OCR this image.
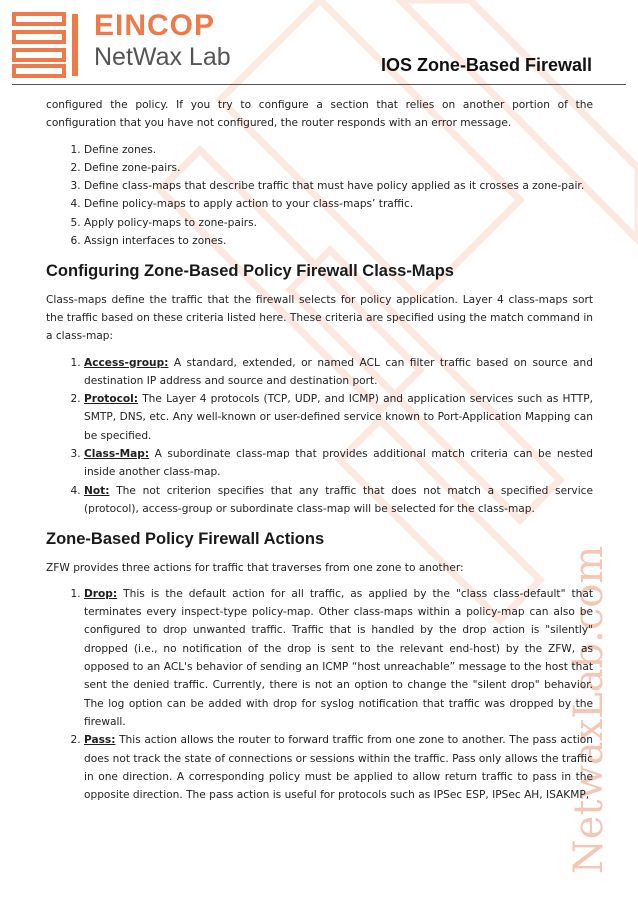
NetwaxLab.com
EINCOP
NetWax Lab	IOS Zone-Based Firewall

configured the policy. If you try to configure a section that relies on another portion of the configuration that you have not configured, the router responds with an error message.

1. Define zones.
2. Define zone-pairs.
3. Define class-maps that describe traffic that must have policy applied as it crosses a zone-pair.
4. Define policy-maps to apply action to your class-maps’ traffic.
5. Apply policy-maps to zone-pairs.
6. Assign interfaces to zones.
Configuring Zone-Based Policy Firewall Class-Maps

Class-maps define the traffic that the firewall selects for policy application. Layer 4 class-maps sort the traffic based on these criteria listed here. These criteria are specified using the match command in a class-map:

1. Access-group: A standard, extended, or named ACL can filter traffic based on source and destination IP address and source and destination port.
2. Protocol: The Layer 4 protocols (TCP, UDP, and ICMP) and application services such as HTTP, SMTP, DNS, etc. Any well-known or user-defined service known to Port-Application Mapping can be specified.
3. Class-Map: A subordinate class-map that provides additional match criteria can be nested inside another class-map.
4. Not: The not criterion specifies that any traffic that does not match a specified service (protocol), access-group or subordinate class-map will be selected for the class-map.
Zone-Based Policy Firewall Actions

ZFW provides three actions for traffic that traverses from one zone to another:

1. Drop: This is the default action for all traffic, as applied by the "class class-default" that terminates every inspect-type policy-map. Other class-maps within a policy-map can also be configured to drop unwanted traffic. Traffic that is handled by the drop action is "silently" dropped (i.e., no notification of the drop is sent to the relevant end-host) by the ZFW, as opposed to an ACL's behavior of sending an ICMP “host unreachable” message to the host that sent the denied traffic. Currently, there is not an option to change the "silent drop" behavior. The log option can be added with drop for syslog notification that traffic was dropped by the firewall.
2. Pass: This action allows the router to forward traffic from one zone to another. The pass action does not track the state of connections or sessions within the traffic. Pass only allows the traffic in one direction. A corresponding policy must be applied to allow return traffic to pass in the opposite direction. The pass action is useful for protocols such as IPSec ESP, IPSec AH, ISAKMP,
